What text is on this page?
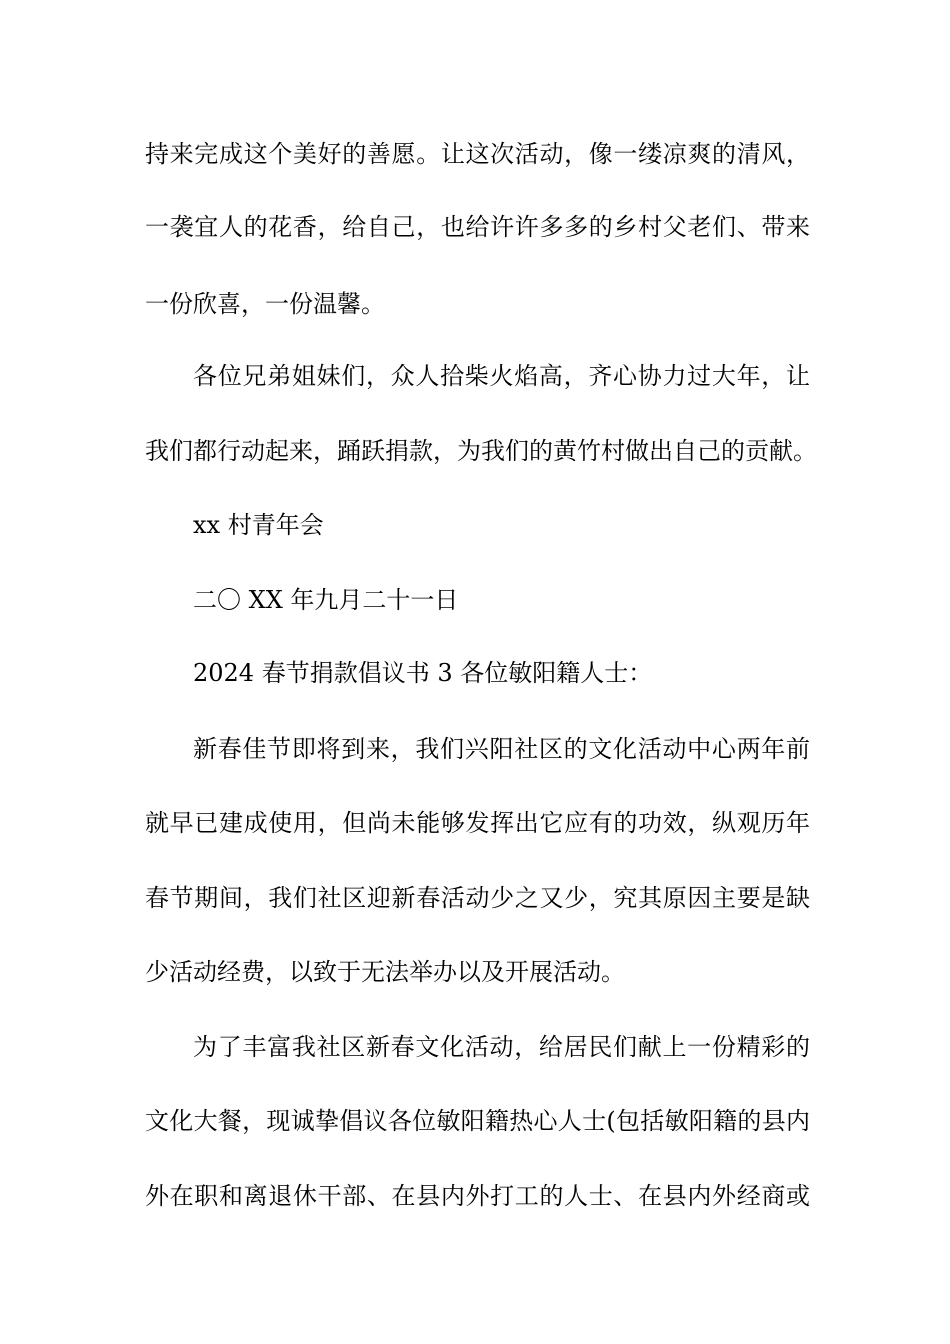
持来完成这个美好的善愿。让这次活动，像一缕凉爽的清风，
一袭宜人的花香，给自己，也给许许多多的乡村父老们、带来
一份欣喜，一份温馨。
各位兄弟姐妹们，众人拾柴火焰高，齐心协力过大年，让
我们都行动起来，踊跃捐款，为我们的黄竹村做出自己的贡献。
xx 村青年会
二〇 XX 年九月二十一日
2024 春节捐款倡议书 3 各位敏阳籍人士：
新春佳节即将到来，我们兴阳社区的文化活动中心两年前
就早已建成使用，但尚未能够发挥出它应有的功效，纵观历年
春节期间，我们社区迎新春活动少之又少，究其原因主要是缺
少活动经费，以致于无法举办以及开展活动。
为了丰富我社区新春文化活动，给居民们献上一份精彩的
文化大餐，现诚挚倡议各位敏阳籍热心人士(包括敏阳籍的县内
外在职和离退休干部、在县内外打工的人士、在县内外经商或
